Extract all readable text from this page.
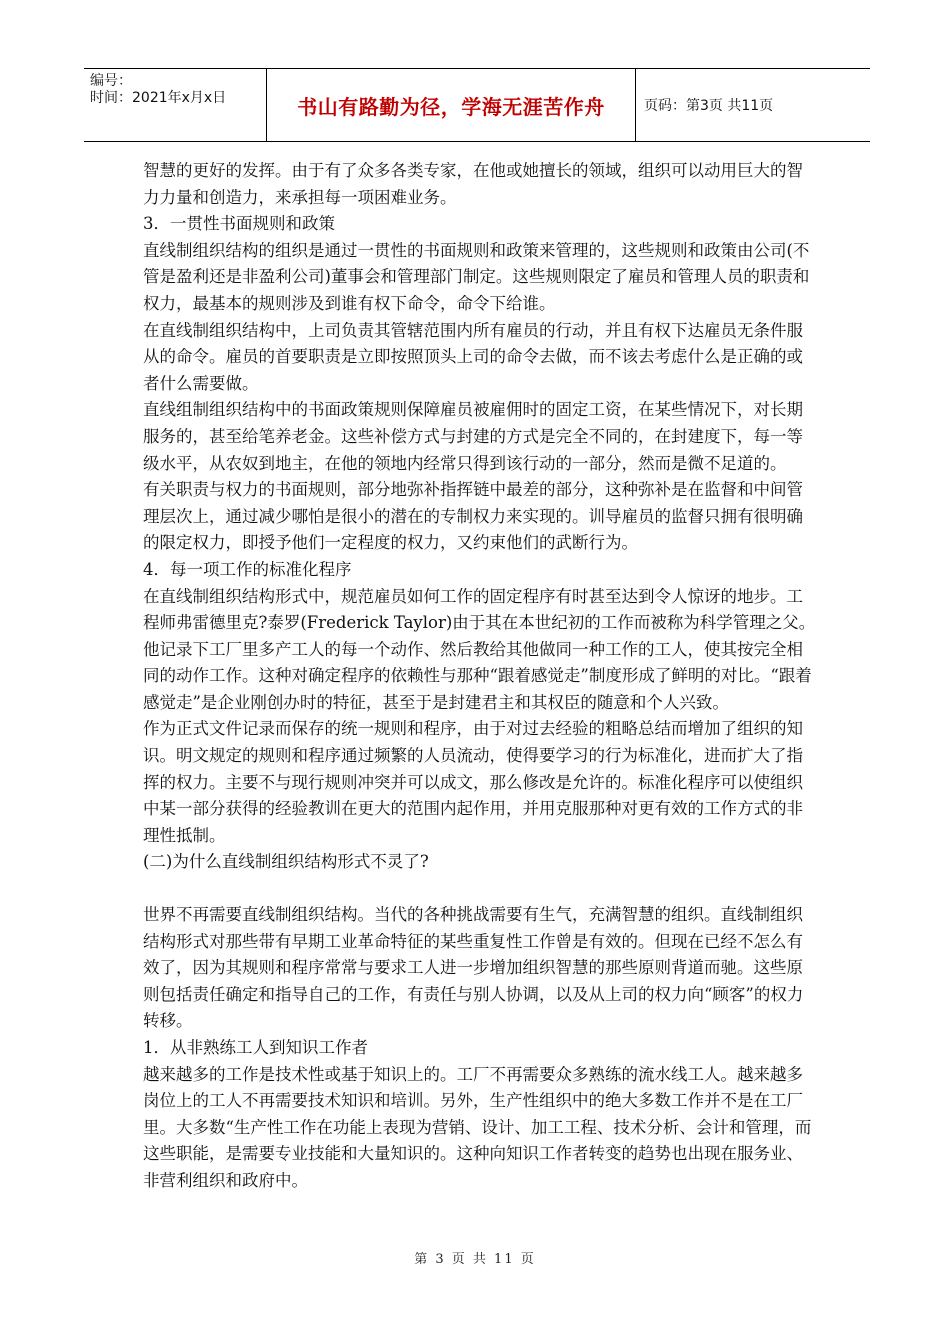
编号：
时间：2021年x月x日	书山有路勤为径，学海无涯苦作舟	页码：第3页 共11页

智慧的更好的发挥。由于有了众多各类专家，在他或她擅长的领域，组织可以动用巨大的智力力量和创造力，来承担每一项困难业务。

3．一贯性书面规则和政策

直线制组织结构的组织是通过一贯性的书面规则和政策来管理的，这些规则和政策由公司(不管是盈利还是非盈利公司)董事会和管理部门制定。这些规则限定了雇员和管理人员的职责和权力，最基本的规则涉及到谁有权下命令，命令下给谁。

在直线制组织结构中，上司负责其管辖范围内所有雇员的行动，并且有权下达雇员无条件服从的命令。雇员的首要职责是立即按照顶头上司的命令去做，而不该去考虑什么是正确的或者什么需要做。

直线组制组织结构中的书面政策规则保障雇员被雇佣时的固定工资，在某些情况下，对长期服务的，甚至给笔养老金。这些补偿方式与封建的方式是完全不同的，在封建度下，每一等级水平，从农奴到地主，在他的领地内经常只得到该行动的一部分，然而是微不足道的。

有关职责与权力的书面规则，部分地弥补指挥链中最差的部分，这种弥补是在监督和中间管理层次上，通过减少哪怕是很小的潜在的专制权力来实现的。训导雇员的监督只拥有很明确的限定权力，即授予他们一定程度的权力，又约束他们的武断行为。

4．每一项工作的标准化程序

在直线制组织结构形式中，规范雇员如何工作的固定程序有时甚至达到令人惊讶的地步。工程师弗雷德里克?泰罗(Frederick Taylor)由于其在本世纪初的工作而被称为科学管理之父。他记录下工厂里多产工人的每一个动作、然后教给其他做同一种工作的工人，使其按完全相同的动作工作。这种对确定程序的依赖性与那种“跟着感觉走”制度形成了鲜明的对比。“跟着感觉走”是企业刚创办时的特征，甚至于是封建君主和其权臣的随意和个人兴致。

作为正式文件记录而保存的统一规则和程序，由于对过去经验的粗略总结而增加了组织的知识。明文规定的规则和程序通过频繁的人员流动，使得要学习的行为标准化，进而扩大了指挥的权力。主要不与现行规则冲突并可以成文，那么修改是允许的。标准化程序可以使组织中某一部分获得的经验教训在更大的范围内起作用，并用克服那种对更有效的工作方式的非理性抵制。

(二)为什么直线制组织结构形式不灵了?

世界不再需要直线制组织结构。当代的各种挑战需要有生气，充满智慧的组织。直线制组织结构形式对那些带有早期工业革命特征的某些重复性工作曾是有效的。但现在已经不怎么有效了，因为其规则和程序常常与要求工人进一步增加组织智慧的那些原则背道而驰。这些原则包括责任确定和指导自己的工作，有责任与别人协调，以及从上司的权力向“顾客”的权力转移。

1．从非熟练工人到知识工作者

越来越多的工作是技术性或基于知识上的。工厂不再需要众多熟练的流水线工人。越来越多岗位上的工人不再需要技术知识和培训。另外，生产性组织中的绝大多数工作并不是在工厂里。大多数“生产性工作在功能上表现为营销、设计、加工工程、技术分析、会计和管理，而这些职能，是需要专业技能和大量知识的。这种向知识工作者转变的趋势也出现在服务业、非营利组织和政府中。

第 3 页 共 11 页
